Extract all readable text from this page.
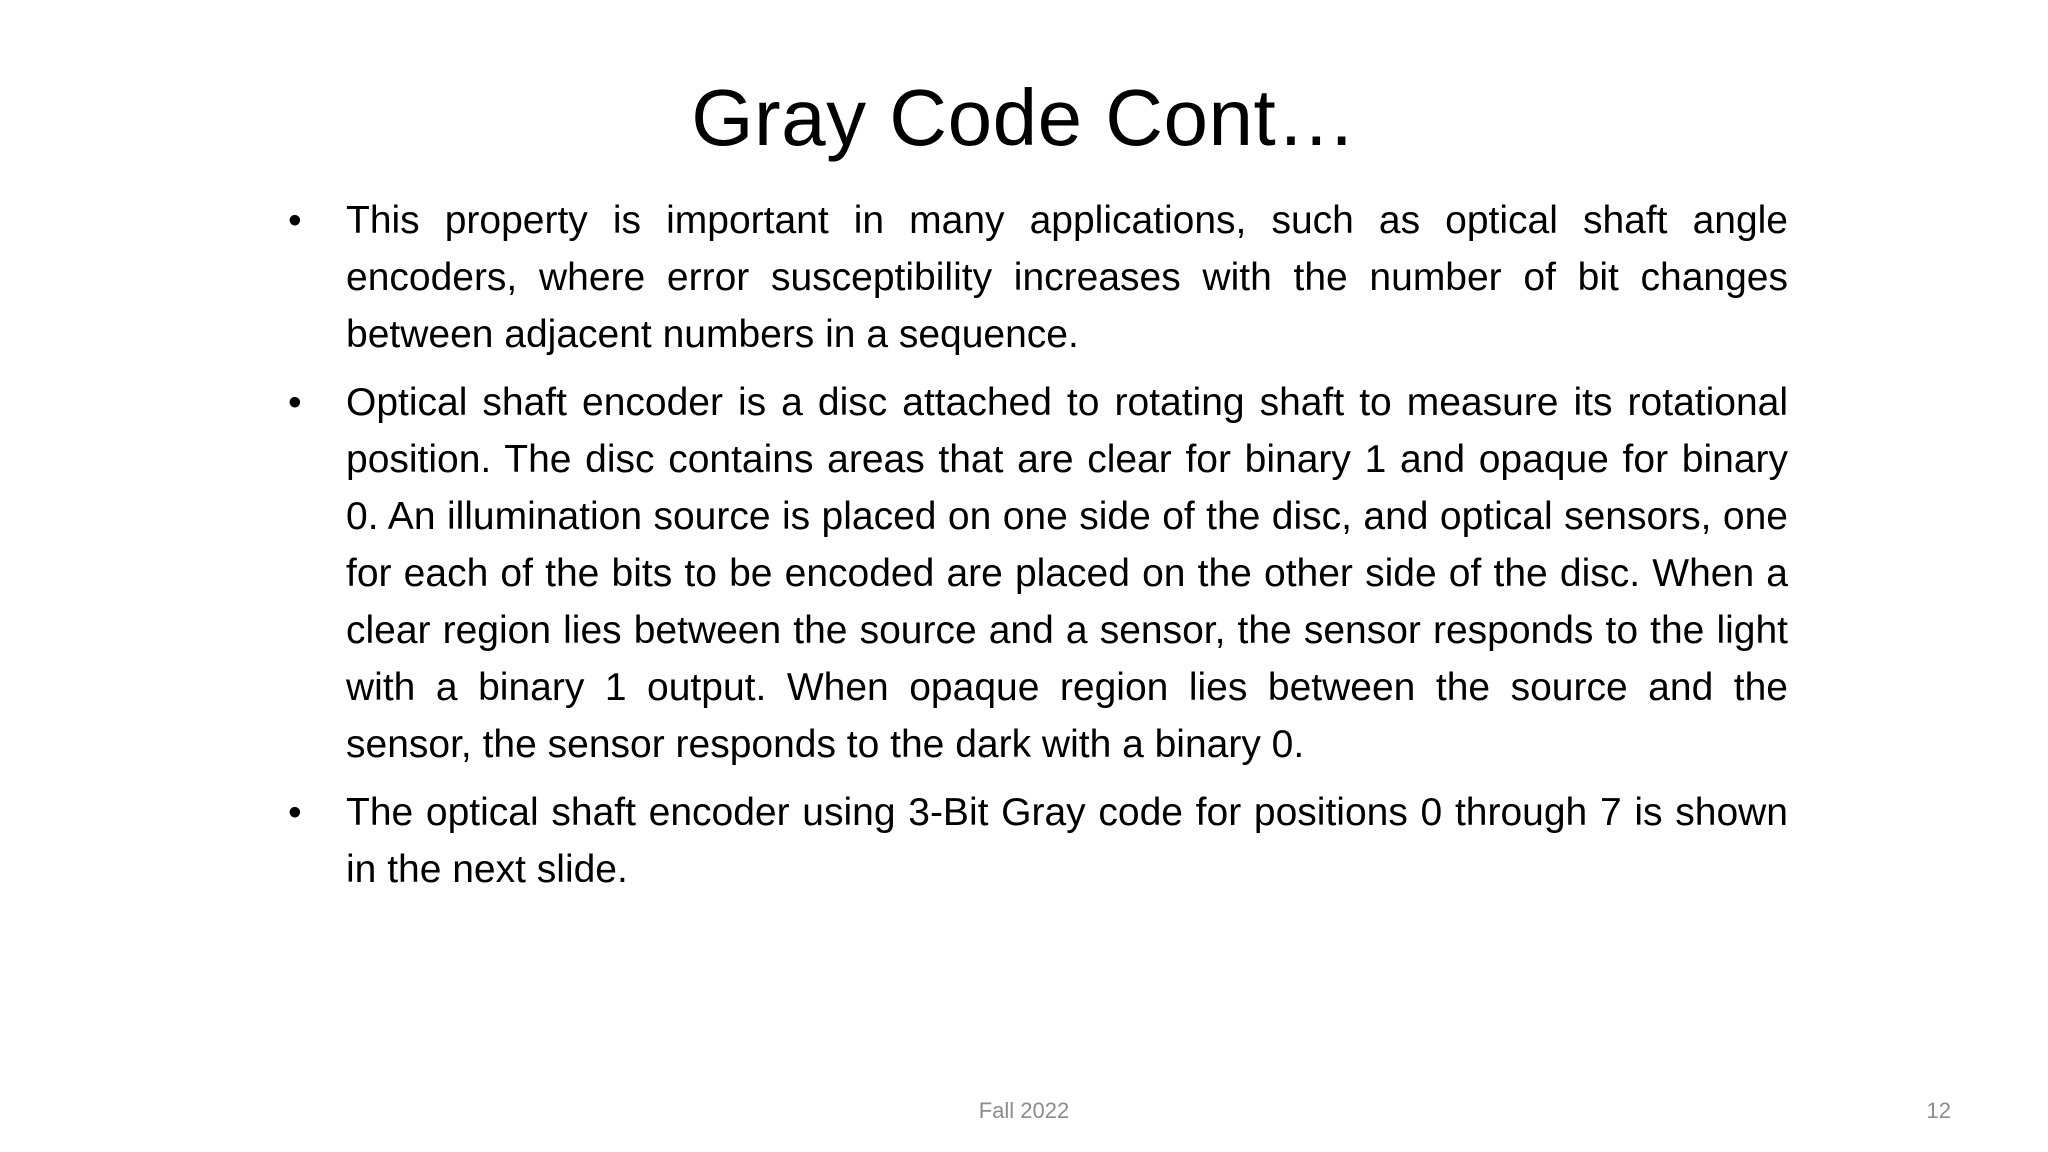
Gray Code Cont…
•	This property is important in many applications, such as optical shaft angle encoders, where error susceptibility increases with the number of bit changes between adjacent numbers in a sequence.
•	Optical shaft encoder is a disc attached to rotating shaft to measure its rotational position. The disc contains areas that are clear for binary 1 and opaque for binary 0. An illumination source is placed on one side of the disc, and optical sensors, one for each of the bits to be encoded are placed on the other side of the disc. When a clear region lies between the source and a sensor, the sensor responds to the light with a binary 1 output. When opaque region lies between the source and the sensor, the sensor responds to the dark with a binary 0.
•	The optical shaft encoder using 3-Bit Gray code for positions 0 through 7 is shown in the next slide.
Fall 2022	12
